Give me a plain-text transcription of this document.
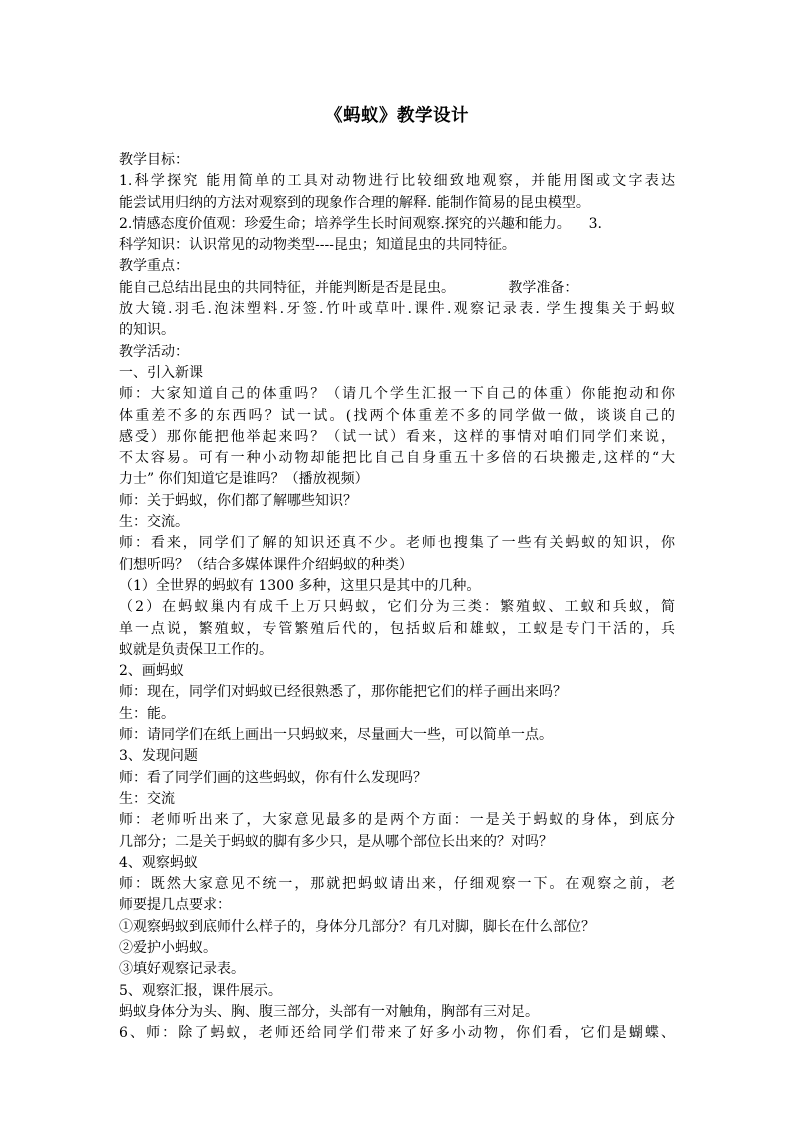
《蚂蚁》教学设计
教学目标：
1.科学探究 能用简单的工具对动物进行比较细致地观察，并能用图或文字表达
能尝试用归纳的方法对观察到的现象作合理的解释. 能制作简易的昆虫模型。
2.情感态度价值观：珍爱生命；培养学生长时间观察.探究的兴趣和能力。    3.
科学知识：认识常见的动物类型----昆虫；知道昆虫的共同特征。
教学重点：
能自己总结出昆虫的共同特征，并能判断是否是昆虫。            教学准备：
放大镜.羽毛.泡沫塑料.牙签.竹叶或草叶.课件.观察记录表. 学生搜集关于蚂蚁
的知识。
教学活动：
一、引入新课
师：大家知道自己的体重吗？（请几个学生汇报一下自己的体重）你能抱动和你
体重差不多的东西吗？试一试。(找两个体重差不多的同学做一做，谈谈自己的
感受）那你能把他举起来吗？（试一试）看来，这样的事情对咱们同学们来说，
不太容易。可有一种小动物却能把比自己自身重五十多倍的石块搬走,这样的“大
力士” 你们知道它是谁吗？（播放视频）
师：关于蚂蚁，你们都了解哪些知识？
生：交流。
师：看来，同学们了解的知识还真不少。老师也搜集了一些有关蚂蚁的知识，你
们想听吗？（结合多媒体课件介绍蚂蚁的种类）
（1）全世界的蚂蚁有 1300 多种，这里只是其中的几种。
（2）在蚂蚁巢内有成千上万只蚂蚁，它们分为三类：繁殖蚁、工蚁和兵蚁，简
单一点说，繁殖蚁，专管繁殖后代的，包括蚁后和雄蚁，工蚁是专门干活的，兵
蚁就是负责保卫工作的。
2、画蚂蚁
师：现在，同学们对蚂蚁已经很熟悉了，那你能把它们的样子画出来吗？
生：能。
师：请同学们在纸上画出一只蚂蚁来，尽量画大一些，可以简单一点。
3、发现问题
师：看了同学们画的这些蚂蚁，你有什么发现吗？
生：交流
师：老师听出来了，大家意见最多的是两个方面：一是关于蚂蚁的身体，到底分
几部分；二是关于蚂蚁的脚有多少只，是从哪个部位长出来的？对吗？
4、观察蚂蚁
师：既然大家意见不统一，那就把蚂蚁请出来，仔细观察一下。在观察之前，老
师要提几点要求：
①观察蚂蚁到底师什么样子的，身体分几部分？有几对脚，脚长在什么部位？
②爱护小蚂蚁。
③填好观察记录表。
5、观察汇报，课件展示。
蚂蚁身体分为头、胸、腹三部分，头部有一对触角，胸部有三对足。
6、师：除了蚂蚁，老师还给同学们带来了好多小动物，你们看，它们是蝴蝶、
